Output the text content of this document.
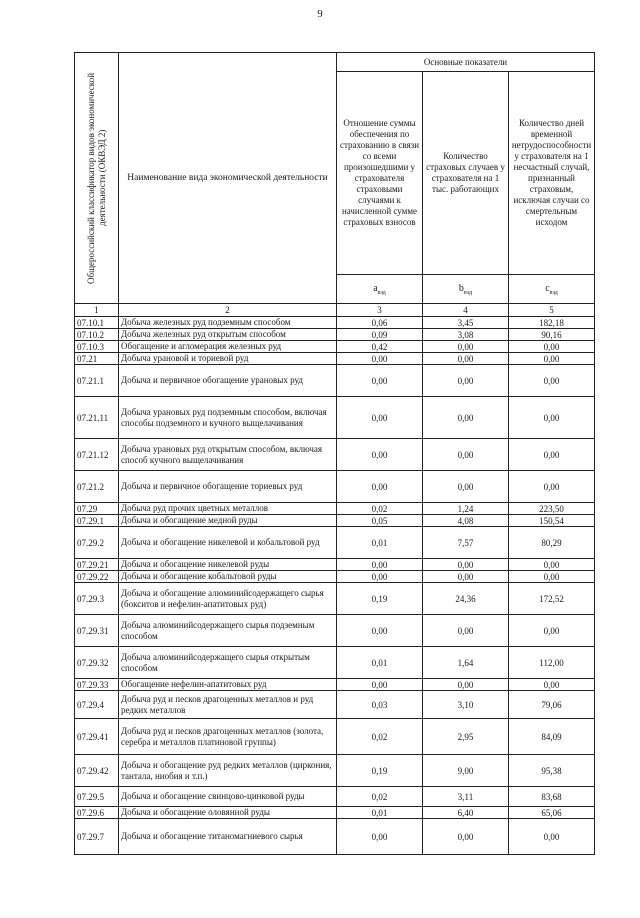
9
Общероссийский классификатор видов экономической деятельности (ОКВЭД 2)	Наименование вида экономической деятельности	Основные показатели		
		Отношение суммы обеспечения по страхованию в связи со всеми произошедшими у страхователя страховыми случаями к начисленной сумме страховых взносов	Количество страховых случаев у страхователя на 1 тыс. работающих	Количество дней временной нетрудоспособности у страхователя на 1 несчастный случай, признанный страховым, исключая случаи со смертельным исходом
		$a_{вэд}$	$b_{вэд}$	$c_{вэд}$
1	2	3	4	5
07.10.1	Добыча железных руд подземным способом	0,06	3,45	182,18
07.10.2	Добыча железных руд открытым способом	0,09	3,08	90,16
07.10.3	Обогащение и агломерация железных руд	0,42	0,00	0,00
07.21	Добыча урановой и ториевой руд	0,00	0,00	0,00
07.21.1	Добыча и первичное обогащение урановых руд	0,00	0,00	0,00
07.21.11	Добыча урановых руд подземным способом, включая способы подземного и кучного выщелачивания	0,00	0,00	0,00
07.21.12	Добыча урановых руд открытым способом, включая способ кучного выщелачивания	0,00	0,00	0,00
07.21.2	Добыча и первичное обогащение ториевых руд	0,00	0,00	0,00
07.29	Добыча руд прочих цветных металлов	0,02	1,24	223,50
07.29.1	Добыча и обогащение медной руды	0,05	4,08	150,54
07.29.2	Добыча и обогащение никелевой и кобальтовой руд	0,01	7,57	80,29
07.29.21	Добыча и обогащение никелевой руды	0,00	0,00	0,00
07.29.22	Добыча и обогащение кобальтовой руды	0,00	0,00	0,00
07.29.3	Добыча и обогащение алюминийсодержащего сырья (бокситов и нефелин-апатитовых руд)	0,19	24,36	172,52
07.29.31	Добыча алюминийсодержащего сырья подземным способом	0,00	0,00	0,00
07.29.32	Добыча алюминийсодержащего сырья открытым способом	0,01	1,64	112,00
07.29.33	Обогащение нефелин-апатитовых руд	0,00	0,00	0,00
07.29.4	Добыча руд и песков драгоценных металлов и руд редких металлов	0,03	3,10	79,06
07.29.41	Добыча руд и песков драгоценных металлов (золота, серебра и металлов платиновой группы)	0,02	2,95	84,09
07.29.42	Добыча и обогащение руд редких металлов (циркония, тантала, ниобия и т.п.)	0,19	9,00	95,38
07.29.5	Добыча и обогащение свинцово-цинковой руды	0,02	3,11	83,68
07.29.6	Добыча и обогащение оловянной руды	0,01	6,40	65,06
07.29.7	Добыча и обогащение титаномагниевого сырья	0,00	0,00	0,00
